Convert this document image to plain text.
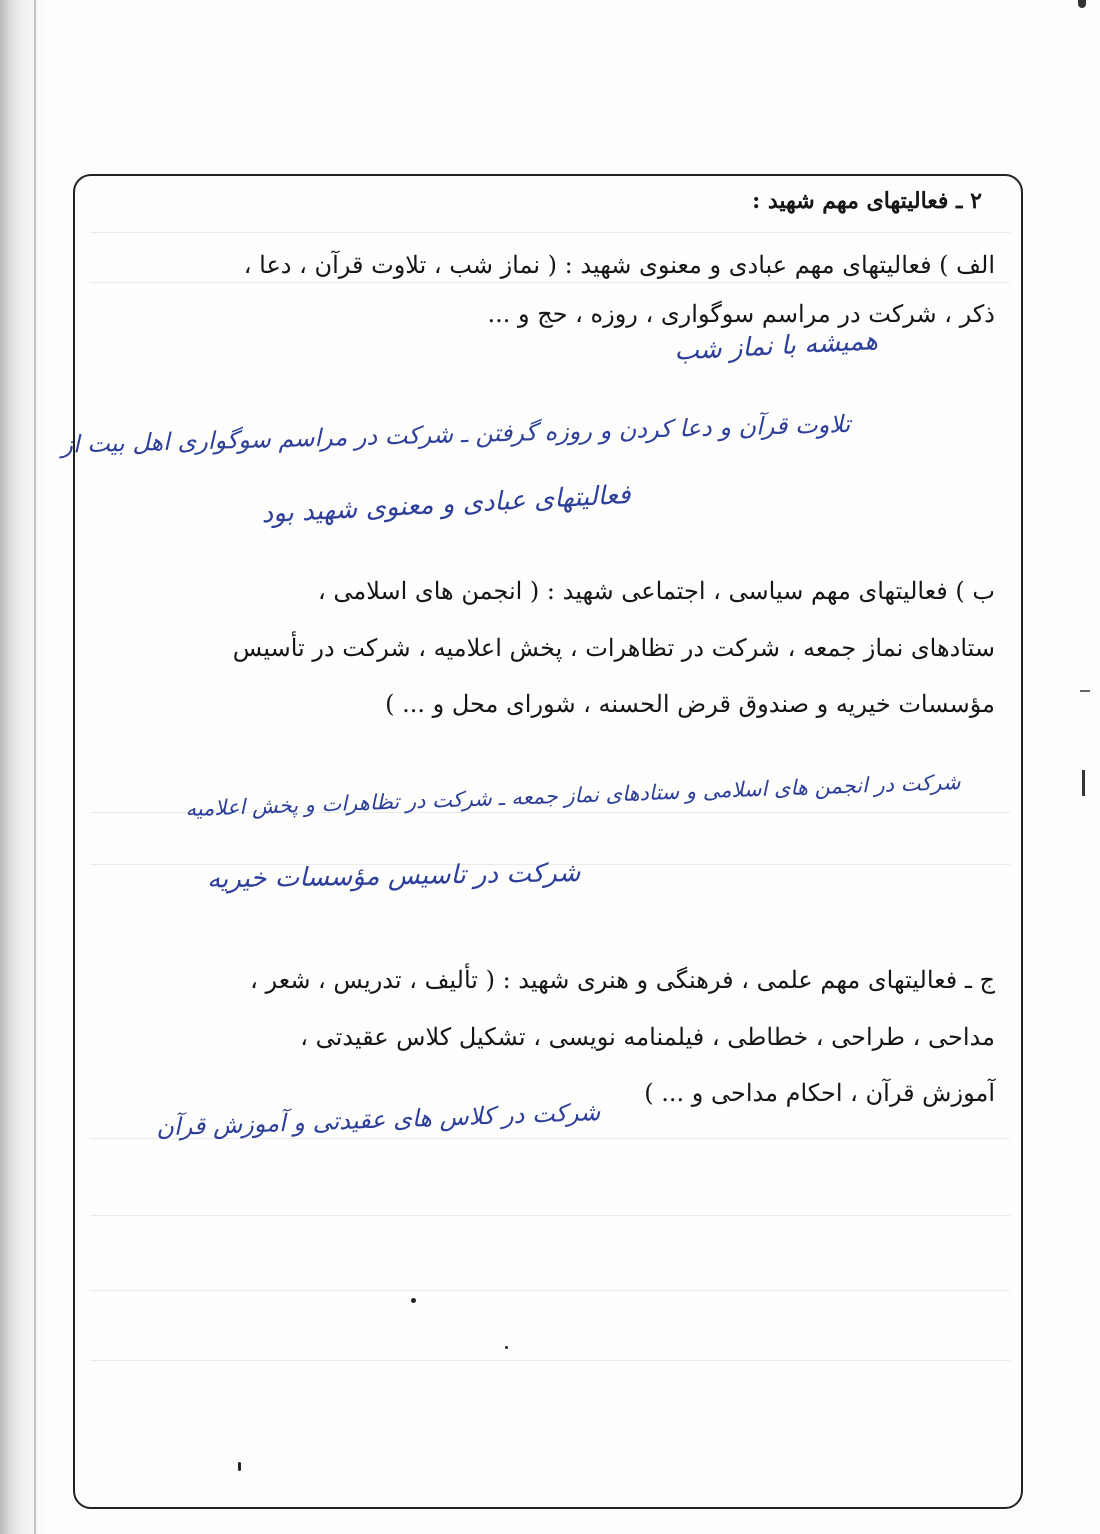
۲ ـ فعالیتهای مهم شهید :
الف ) فعالیتهای مهم عبادی و معنوی شهید : ( نماز شب ، تلاوت قرآن ، دعا ،
ذکر ، شرکت در مراسم سوگواری ، روزه ، حج و ...
همیشه با نماز شب
تلاوت قرآن و دعا کردن و روزه گرفتن ـ شرکت در مراسم سوگواری اهل بیت از
فعالیتهای عبادی و معنوی شهید بود
ب ) فعالیتهای مهم سیاسی ، اجتماعی شهید : ( انجمن های اسلامی ،
ستادهای نماز جمعه ، شرکت در تظاهرات ، پخش اعلامیه ، شرکت در تأسیس
مؤسسات خیریه و صندوق قرض الحسنه ، شورای محل و ... )
شرکت در انجمن های اسلامی و ستادهای نماز جمعه ـ شرکت در تظاهرات و پخش اعلامیه
شرکت در تاسیس مؤسسات خیریه
ج ـ فعالیتهای مهم علمی ، فرهنگی و هنری شهید : ( تألیف ، تدریس ، شعر ،
مداحی ، طراحی ، خطاطی ، فیلمنامه نویسی ، تشکیل کلاس عقیدتی ،
آموزش قرآن ، احکام مداحی و ... )
شرکت در کلاس های عقیدتی و آموزش قرآن
